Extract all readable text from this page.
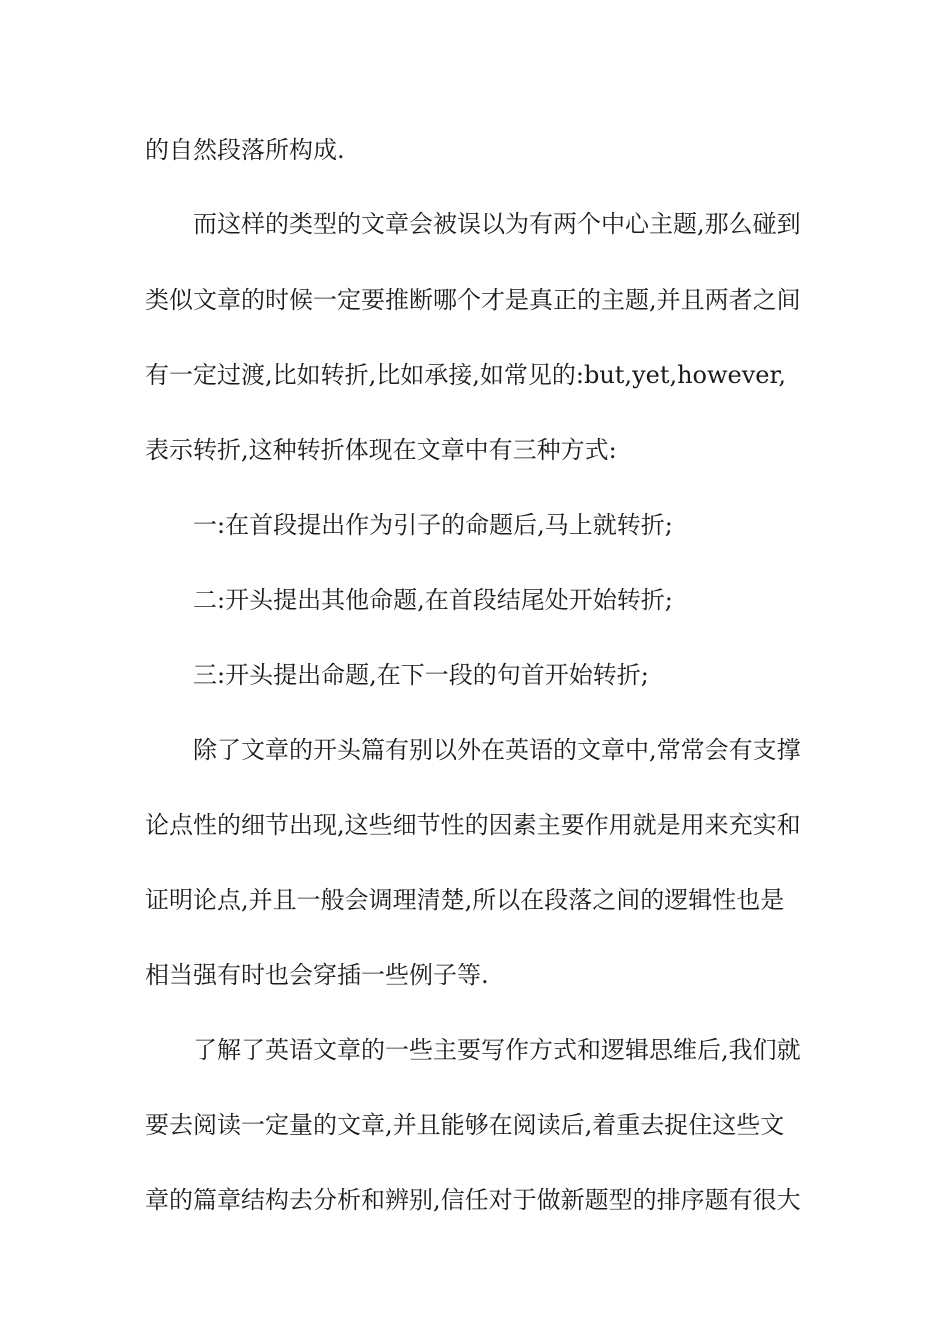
的自然段落所构成.
而这样的类型的文章会被误以为有两个中心主题,那么碰到
类似文章的时候一定要推断哪个才是真正的主题,并且两者之间
有一定过渡,比如转折,比如承接,如常见的:but,yet,however,
表示转折,这种转折体现在文章中有三种方式:
一:在首段提出作为引子的命题后,马上就转折;
二:开头提出其他命题,在首段结尾处开始转折;
三:开头提出命题,在下一段的句首开始转折;
除了文章的开头篇有别以外在英语的文章中,常常会有支撑
论点性的细节出现,这些细节性的因素主要作用就是用来充实和
证明论点,并且一般会调理清楚,所以在段落之间的逻辑性也是
相当强有时也会穿插一些例子等.
了解了英语文章的一些主要写作方式和逻辑思维后,我们就
要去阅读一定量的文章,并且能够在阅读后,着重去捉住这些文
章的篇章结构去分析和辨别,信任对于做新题型的排序题有很大
